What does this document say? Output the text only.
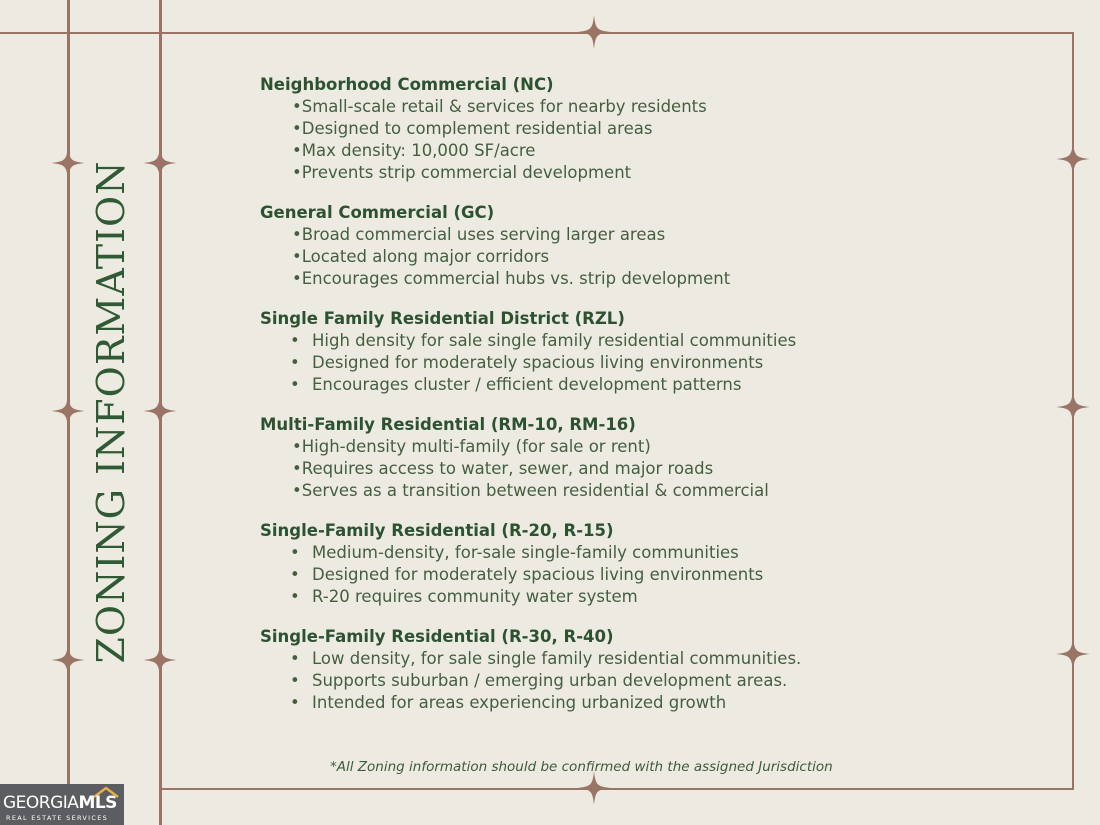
ZONING INFORMATION
Neighborhood Commercial (NC)
•Small-scale retail & services for nearby residents
•Designed to complement residential areas
•Max density: 10,000 SF/acre
•Prevents strip commercial development
General Commercial (GC)
•Broad commercial uses serving larger areas
•Located along major corridors
•Encourages commercial hubs vs. strip development
Single Family Residential District (RZL)
• High density for sale single family residential communities
• Designed for moderately spacious living environments
• Encourages cluster / efficient development patterns
Multi-Family Residential (RM-10, RM-16)
•High-density multi-family (for sale or rent)
•Requires access to water, sewer, and major roads
•Serves as a transition between residential & commercial
Single-Family Residential (R-20, R-15)
• Medium-density, for-sale single-family communities
• Designed for moderately spacious living environments
• R-20 requires community water system
Single-Family Residential (R-30, R-40)
• Low density, for sale single family residential communities.
• Supports suburban / emerging urban development areas.
• Intended for areas experiencing urbanized growth
*All Zoning information should be confirmed with the assigned Jurisdiction
GEORGIAMLS
REAL ESTATE SERVICES
